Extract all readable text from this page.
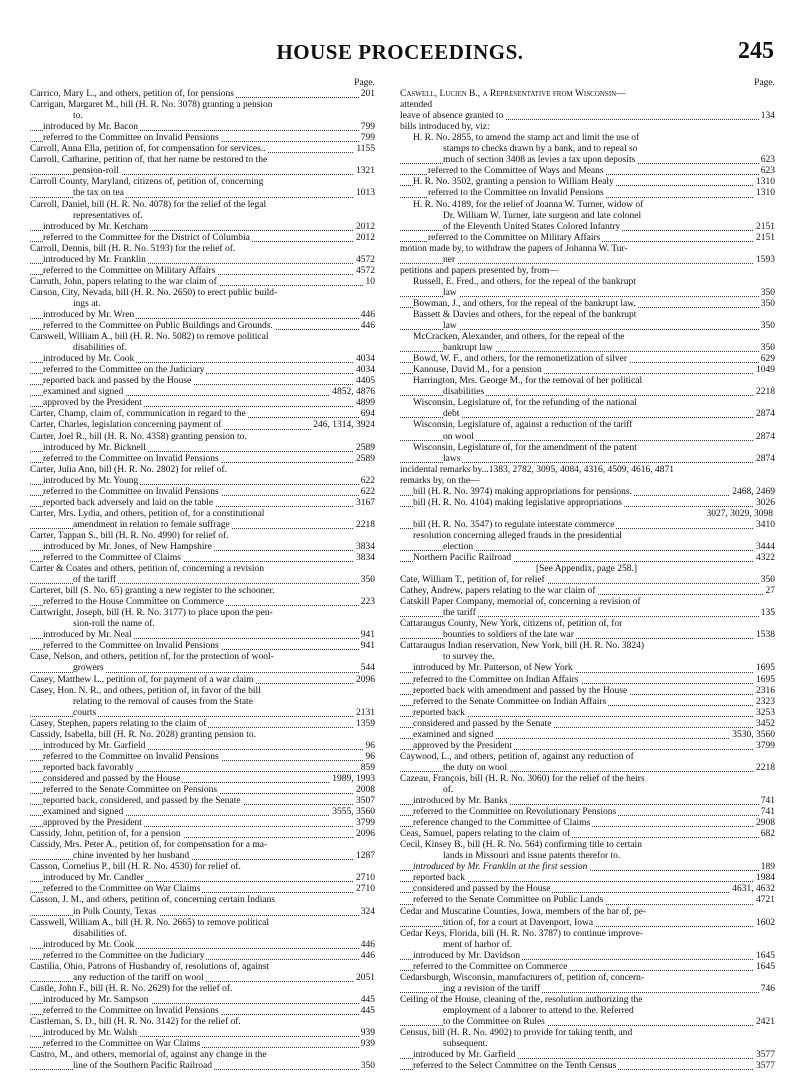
HOUSE PROCEEDINGS.	245
Page.
Carrico, Mary L., and others, petition of, for pensions	201
Carrigan, Margaret M., bill (H. R. No. 3078) granting a pension
to.
introduced by Mr. Bacon	799
referred to the Committee on Invalid Pensions	799
Carroll, Anna Ella, petition of, for compensation for services..	1155
Carroll, Catharine, petition of, that her name be restored to the
pension-roll	1321
Carroll County, Maryland, citizens of, petition of, concerning
the tax on tea	1013
Carroll, Daniel, bill (H. R. No. 4078) for the relief of the legal
representatives of.
introduced by Mr. Ketcham	2012
referred to the Committee for the District of Columbia	2012
Carroll, Dennis, bill (H. R. No. 5193) for the relief of.
introduced by Mr. Franklin	4572
referred to the Committee on Military Affairs	4572
Carruth, John, papers relating to the war claim of	10
Carson, City, Nevada, bill (H. R. No. 2650) to erect public build-
ings at.
introduced by Mr. Wren	446
referred to the Committee on Public Buildings and Grounds.	446
Carswell, William A., bill (H. R. No. 5082) to remove political
disabilities of.
introduced by Mr. Cook	4034
referred to the Committee on the Judiciary	4034
reported back and passed by the House	4405
examined and signed	4852, 4876
approved by the President	4899
Carter, Champ, claim of, communication in regard to the	694
Carter, Charles, legislation concerning payment of	246, 1314, 3924
Carter, Joel R., bill (H. R. No. 4358) granting pension to.
introduced by Mr. Bicknell	2589
referred to the Committee on Invalid Pensions	2589
Carter, Julia Ann, bill (H. R. No. 2802) for relief of.
introduced by Mr. Young	622
referred to the Committee on Invalid Pensions	622
reported back adversely and laid on the table	3167
Carter, Mrs. Lydia, and others, petition of, for a constitutional
amendment in relation to female suffrage	2218
Carter, Tappan S., bill (H. R. No. 4990) for relief of.
introduced by Mr. Jones, of New Hampshire	3834
referred to the Committee of Claims	3834
Carter & Coates and others, petition of, concerning a revision
of the tariff	350
Carteret, bill (S. No. 65) granting a new register to the schooner.
referred to the House Committee on Commerce	223
Cartwright, Joseph, bill (H. R. No. 3177) to place upon the pen-
sion-roll the name of.
introduced by Mr. Neal	941
referred to the Committee on Invalid Pensions	941
Case, Nelson, and others, petition of, for the protection of wool-
growers	544
Casey, Matthew L., petition of, for payment of a war claim	2096
Casey, Hon. N. R., and others, petition of, in favor of the bill
relating to the removal of causes from the State
courts	2131
Casey, Stephen, papers relating to the claim of	1359
Cassidy, Isabella, bill (H. R. No. 2028) granting pension to.
introduced by Mr. Garfield	96
referred to the Committee on Invalid Pensions	96
reported back favorably	859
considered and passed by the House	1989, 1993
referred to the Senate Committee on Pensions	2008
reported back, considered, and passed by the Senate	3507
examined and signed	3555, 3560
approved by the President	3799
Cassidy, John, petition of, for a pension	2096
Cassidy, Mrs. Peter A., petition of, for compensation for a ma-
chine invented by her husband	1287
Casson, Cornelius P., bill (H. R. No. 4530) for relief of.
introduced by Mr. Candler	2710
referred to the Committee on War Claims	2710
Casson, J. M., and others, petition of, concerning certain Indians
in Polk County, Texas	324
Casswell, William A., bill (H. R. No. 2665) to remove political
disabilities of.
introduced by Mr. Cook	446
referred to the Committee on the Judiciary	446
Castilia, Ohio, Patrons of Husbandry of, resolutions of, against
any reduction of the tariff on wool	2051
Castle, John F., bill (H. R. No. 2629) for the relief of.
introduced by Mr. Sampson	445
referred to the Committee on Invalid Pensions	445
Castleman, S. D., bill (H. R. No. 3142) for the relief of.
introduced by Mr. Walsh	939
referred to the Committee on War Claims	939
Castro, M., and others, memorial of, against any change in the
line of the Southern Pacific Railroad	350
Page.
Caswell, Lucien B., a Representative from Wisconsin—
attended
leave of absence granted to	134
bills introduced by, viz:
H. R. No. 2855, to amend the stamp act and limit the use of
stamps to checks drawn by a bank, and to repeal so
much of section 3408 as levies a tax upon deposits	623
referred to the Committee of Ways and Means	623
H. R. No. 3502, granting a pension to William Healy	1310
referred to the Committee on Invalid Pensions	1310
H. R. No. 4189, for the relief of Joanna W. Turner, widow of
Dr. William W. Turner, late surgeon and late colonel
of the Eleventh United States Colored Infantry	2151
referred to the Committee on Military Affairs	2151
motion made by, to withdraw the papers of Johanna W. Tur-
ner	1593
petitions and papers presented by, from—
Russell, E. Fred., and others, for the repeal of the bankrupt
law	350
Bowman, J., and others, for the repeal of the bankrupt law.	350
Bassett & Davies and others, for the repeal of the bankrupt
law	350
McCracken, Alexander, and others, for the repeal of the
bankrupt law	350
Bowd, W. F., and others, for the remonetization of silver	629
Kanouse, David M., for a pension	1049
Harrington, Mrs. George M., for the removal of her political
disabilities	2218
Wisconsin, Legislature of, for the refunding of the national
debt	2874
Wisconsin, Legislature of, against a reduction of the tariff
on wool	2874
Wisconsin, Legislature of, for the amendment of the patent
laws	2874
incidental remarks by...1383, 2782, 3095, 4084, 4316, 4509, 4616, 4871
remarks by, on the—
bill (H. R. No. 3974) making appropriations for pensions.	2468, 2469
bill (H. R. No. 4104) making legislative appropriations	3026
3027, 3029, 3098
bill (H. R. No. 3547) to regulate interstate commerce	3410
resolution concerning alleged frauds in the presidential
election	3444
Northern Pacific Railroad	4322
[See Appendix, page 258.]
Cate, William T., petition of, for relief	350
Cathey, Andrew, papers relating to the war claim of	27
Catskill Paper Company, memorial of, concerning a revision of
the tariff	135
Cattaraugus County, New York, citizens of, petition of, for
bounties to soldiers of the late war	1538
Cattaraugus Indian reservation, New York, bill (H. R. No. 3824)
to survey the.
introduced by Mr. Patterson, of New York	1695
referred to the Committee on Indian Affairs	1695
reported back with amendment and passed by the House	2316
referred to the Senate Committee on Indian Affairs	2323
reported back	3253
considered and passed by the Senate	3452
examined and signed	3530, 3560
approved by the President	3799
Caywood, L., and others, petition of, against any reduction of
the duty on wool	2218
Cazeau, François, bill (H. R. No. 3060) for the relief of the heirs
of.
introduced by Mr. Banks	741
referred to the Committee on Revolutionary Pensions	741
reference changed to the Committee of Claims	2908
Ceas, Samuel, papers relating to the claim of	682
Cecil, Kinsey B., bill (H. R. No. 564) confirming title to certain
lands in Missouri and issue patents therefor to.
introduced by Mr. Franklin at the first session	189
reported back	1984
considered and passed by the House	4631, 4632
referred to the Senate Committee on Public Lands	4721
Cedar and Muscatine Counties, Iowa, members of the bar of, pe-
tition of, for a court at Davenport, Iowa	1602
Cedar Keys, Florida, bill (H. R. No. 3787) to continue improve-
ment of harbor of.
introduced by Mr. Davidson	1645
referred to the Committee on Commerce	1645
Cedarsburgh, Wisconsin, manufacturers of, petition of, concern-
ing a revision of the tariff	746
Ceiling of the House, cleaning of the, resolution authorizing the
employment of a laborer to attend to the. Referred
to the Committee on Rules	2421
Census, bill (H. R. No. 4902) to provide for taking tenth, and
subsequent.
introduced by Mr. Garfield	3577
referred to the Select Committee on the Tenth Census	3577
